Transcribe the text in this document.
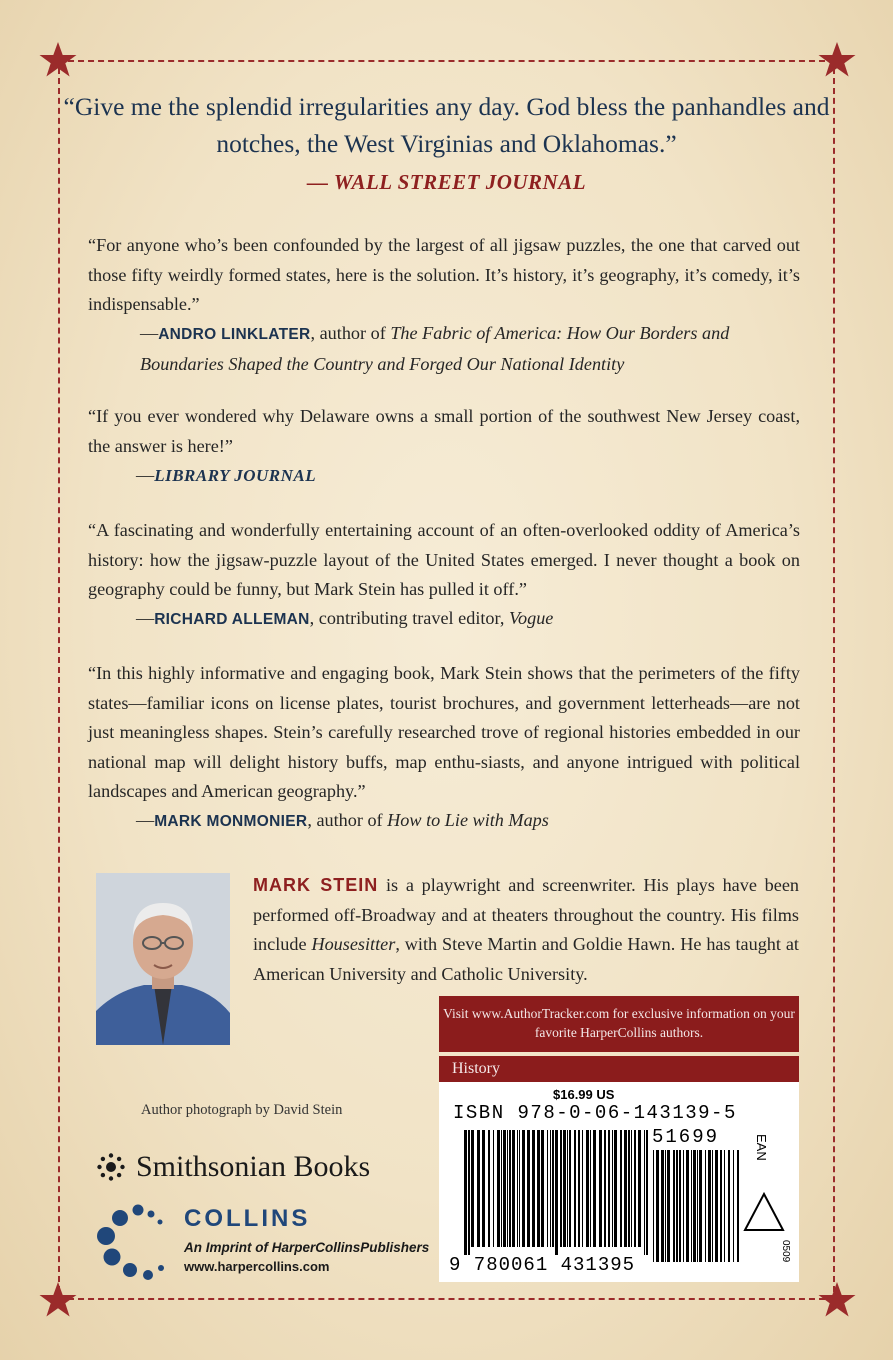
“Give me the splendid irregularities any day. God bless the panhandles and notches, the West Virginias and Oklahomas.”
— WALL STREET JOURNAL
“For anyone who’s been confounded by the largest of all jigsaw puzzles, the one that carved out those fifty weirdly formed states, here is the solution. It’s history, it’s geography, it’s comedy, it’s indispensable.”
—ANDRO LINKLATER, author of The Fabric of America: How Our Borders and Boundaries Shaped the Country and Forged Our National Identity
“If you ever wondered why Delaware owns a small portion of the southwest New Jersey coast, the answer is here!”
—LIBRARY JOURNAL
“A fascinating and wonderfully entertaining account of an often-overlooked oddity of America’s history: how the jigsaw-puzzle layout of the United States emerged. I never thought a book on geography could be funny, but Mark Stein has pulled it off.”
—RICHARD ALLEMAN, contributing travel editor, Vogue
“In this highly informative and engaging book, Mark Stein shows that the perimeters of the fifty states—familiar icons on license plates, tourist brochures, and government letterheads—are not just meaningless shapes. Stein’s carefully researched trove of regional histories embedded in our national map will delight history buffs, map enthu-siasts, and anyone intrigued with political landscapes and American geography.”
—MARK MONMONIER, author of How to Lie with Maps
MARK STEIN is a playwright and screenwriter. His plays have been performed off-Broadway and at theaters throughout the country. His films include Housesitter, with Steve Martin and Goldie Hawn. He has taught at American University and Catholic University.
Author photograph by David Stein
Visit www.AuthorTracker.com for exclusive information on your favorite HarperCollins authors.
History
$16.99 US
ISBN 978-0-06-143139-5
9 780061 431395
51699	EAN
0509
Smithsonian Books
COLLINS
An Imprint of HarperCollinsPublishers
www.harpercollins.com
